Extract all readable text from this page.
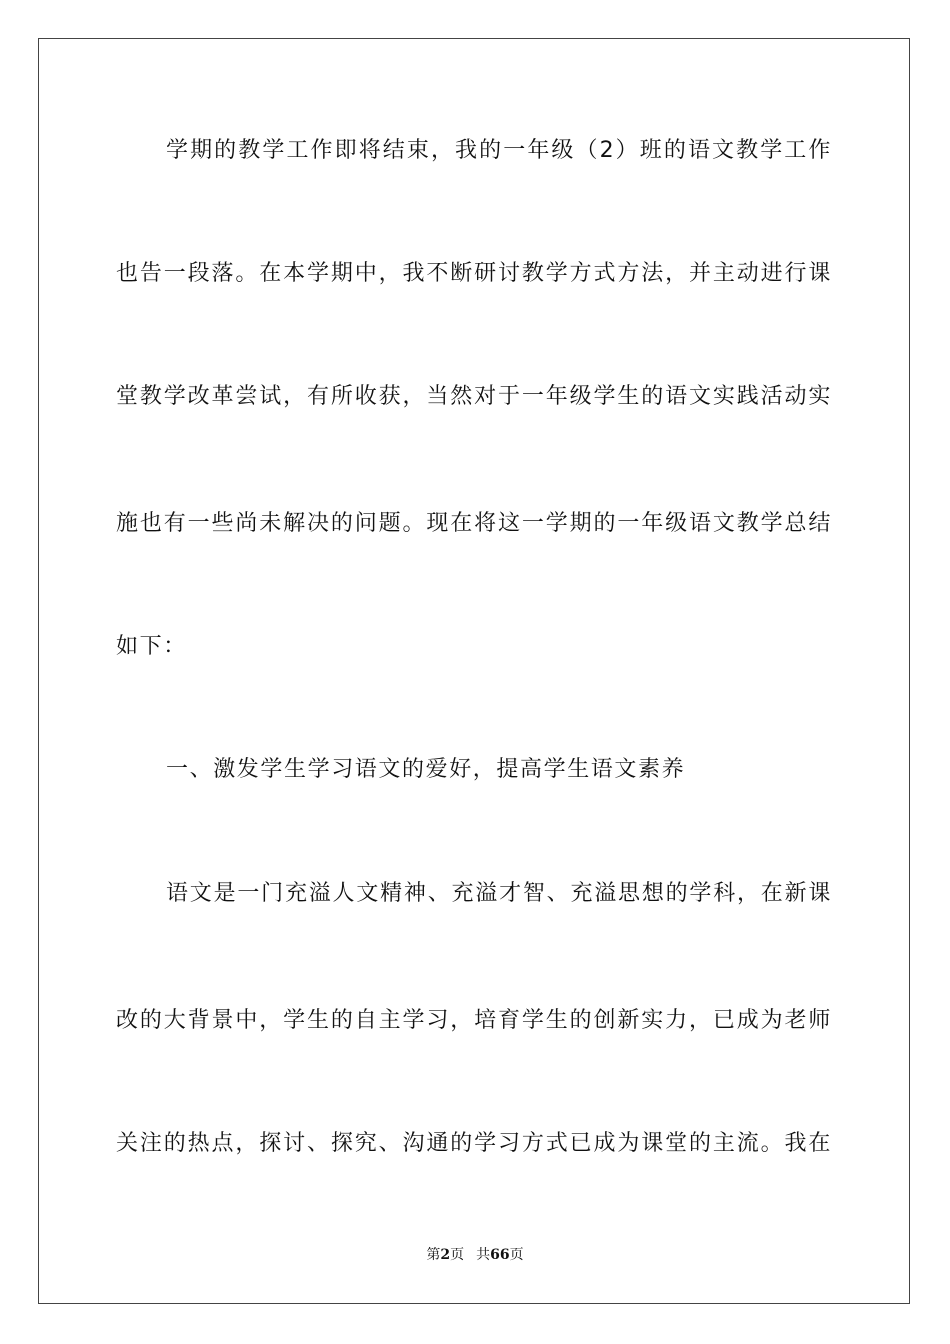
学期的教学工作即将结束，我的一年级（2）班的语文教学工作

也告一段落。在本学期中，我不断研讨教学方式方法，并主动进行课

堂教学改革尝试，有所收获，当然对于一年级学生的语文实践活动实

施也有一些尚未解决的问题。现在将这一学期的一年级语文教学总结

如下：

一、激发学生学习语文的爱好，提高学生语文素养

语文是一门充溢人文精神、充溢才智、充溢思想的学科，在新课

改的大背景中，学生的自主学习，培育学生的创新实力，已成为老师

关注的热点，探讨、探究、沟通的学习方式已成为课堂的主流。我在

第2页 共66页
